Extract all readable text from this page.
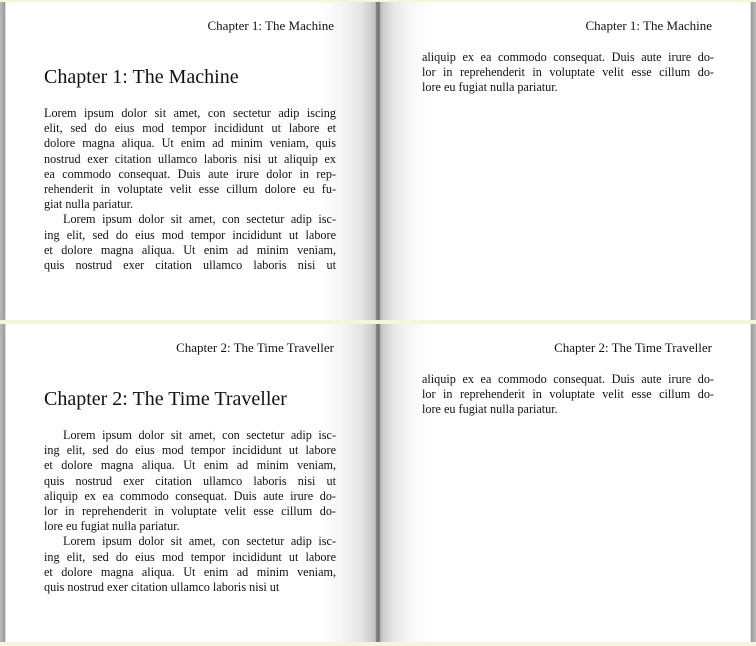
Chapter 1: The Machine
Chapter 1: The Machine
Lorem ipsum dolor sit amet, con sectetur adip iscing
elit, sed do eius mod tempor incididunt ut labore et
dolore magna aliqua. Ut enim ad minim veniam, quis
nostrud exer citation ullamco laboris nisi ut aliquip ex
ea commodo consequat. Duis aute irure dolor in rep-
rehenderit in voluptate velit esse cillum dolore eu fu-
giat nulla pariatur.
Lorem ipsum dolor sit amet, con sectetur adip isc-
ing elit, sed do eius mod tempor incididunt ut labore
et dolore magna aliqua. Ut enim ad minim veniam,
quis nostrud exer citation ullamco laboris nisi ut
Chapter 1: The Machine
aliquip ex ea commodo consequat. Duis aute irure do-
lor in reprehenderit in voluptate velit esse cillum do-
lore eu fugiat nulla pariatur.
Chapter 2: The Time Traveller
Chapter 2: The Time Traveller
Lorem ipsum dolor sit amet, con sectetur adip isc-
ing elit, sed do eius mod tempor incididunt ut labore
et dolore magna aliqua. Ut enim ad minim veniam,
quis nostrud exer citation ullamco laboris nisi ut
aliquip ex ea commodo consequat. Duis aute irure do-
lor in reprehenderit in voluptate velit esse cillum do-
lore eu fugiat nulla pariatur.
Lorem ipsum dolor sit amet, con sectetur adip isc-
ing elit, sed do eius mod tempor incididunt ut labore
et dolore magna aliqua. Ut enim ad minim veniam,
quis nostrud exer citation ullamco laboris nisi ut
Chapter 2: The Time Traveller
aliquip ex ea commodo consequat. Duis aute irure do-
lor in reprehenderit in voluptate velit esse cillum do-
lore eu fugiat nulla pariatur.
